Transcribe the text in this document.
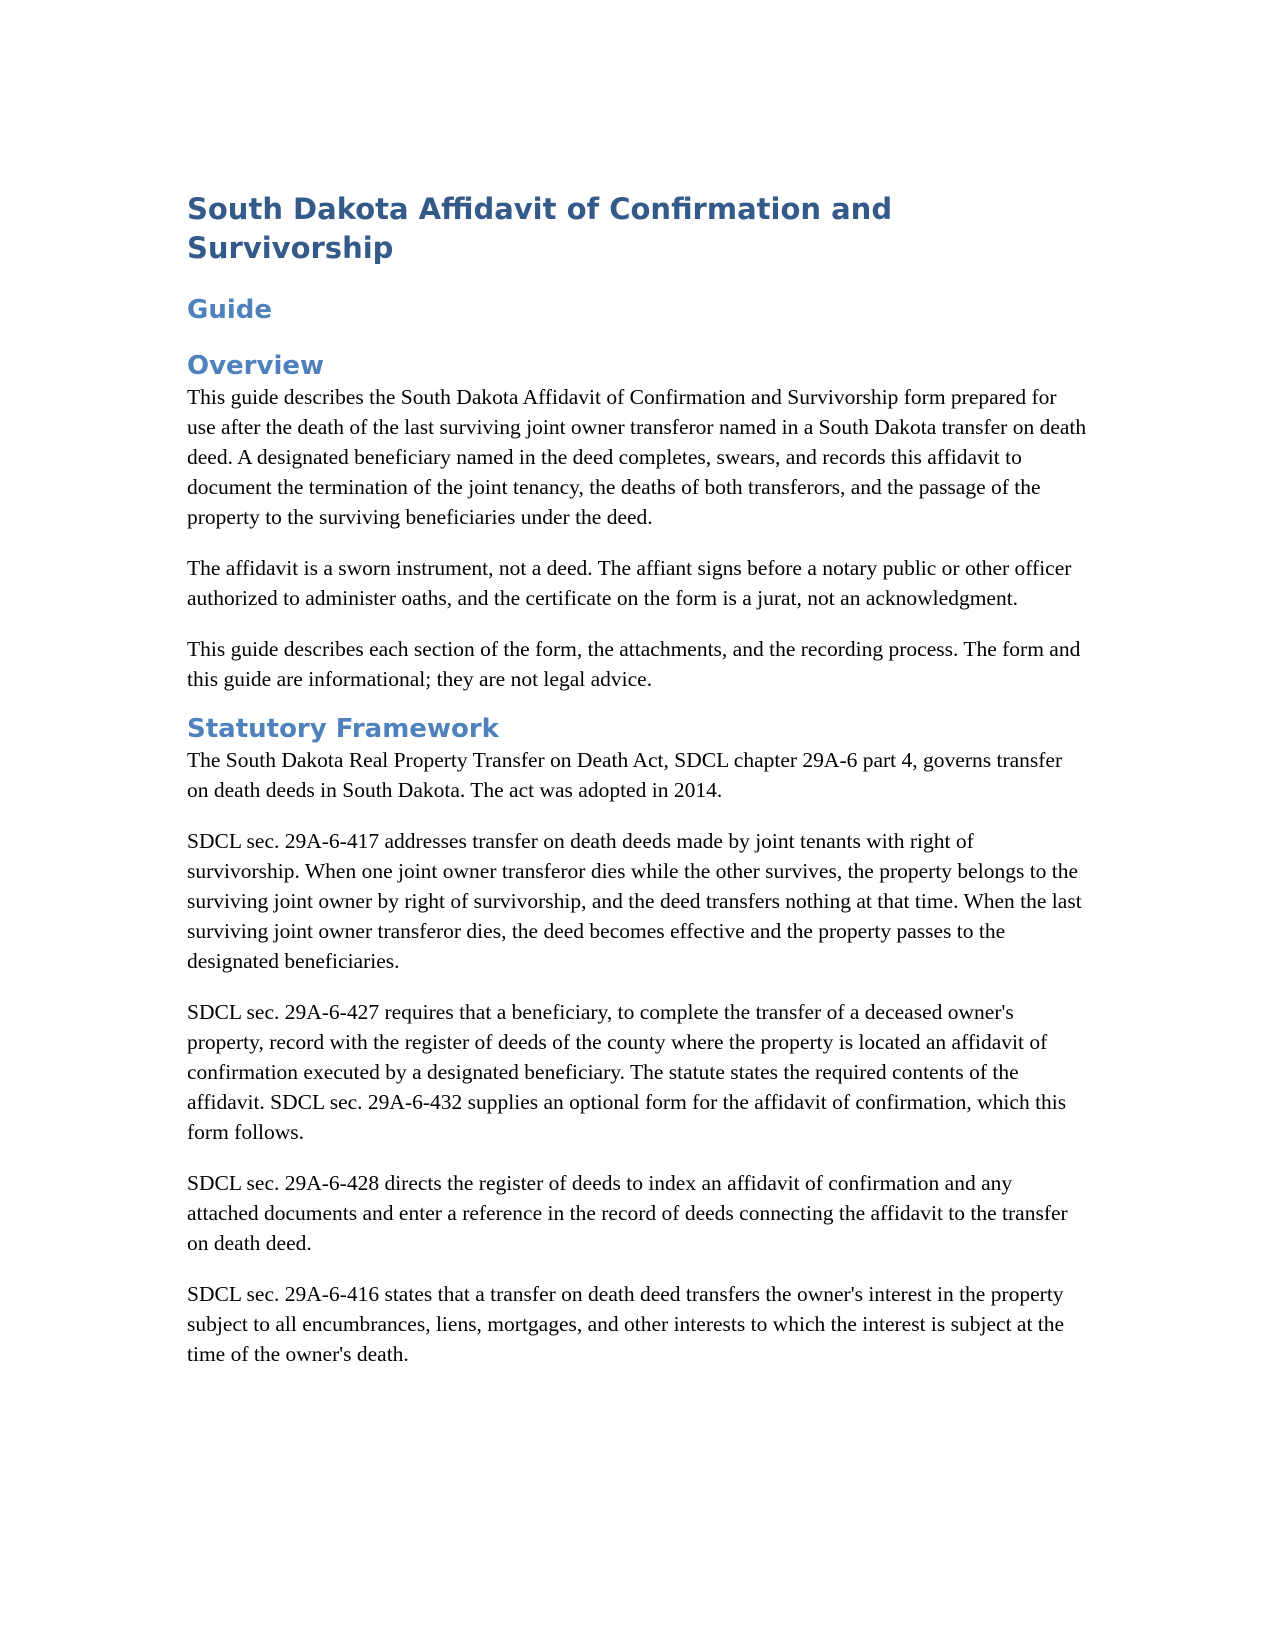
South Dakota Affidavit of Confirmation and Survivorship
Guide
Overview

This guide describes the South Dakota Affidavit of Confirmation and Survivorship form prepared for use after the death of the last surviving joint owner transferor named in a South Dakota transfer on death deed. A designated beneficiary named in the deed completes, swears, and records this affidavit to document the termination of the joint tenancy, the deaths of both transferors, and the passage of the property to the surviving beneficiaries under the deed.

The affidavit is a sworn instrument, not a deed. The affiant signs before a notary public or other officer authorized to administer oaths, and the certificate on the form is a jurat, not an acknowledgment.

This guide describes each section of the form, the attachments, and the recording process. The form and this guide are informational; they are not legal advice.

Statutory Framework

The South Dakota Real Property Transfer on Death Act, SDCL chapter 29A-6 part 4, governs transfer on death deeds in South Dakota. The act was adopted in 2014.

SDCL sec. 29A-6-417 addresses transfer on death deeds made by joint tenants with right of survivorship. When one joint owner transferor dies while the other survives, the property belongs to the surviving joint owner by right of survivorship, and the deed transfers nothing at that time. When the last surviving joint owner transferor dies, the deed becomes effective and the property passes to the designated beneficiaries.

SDCL sec. 29A-6-427 requires that a beneficiary, to complete the transfer of a deceased owner's property, record with the register of deeds of the county where the property is located an affidavit of confirmation executed by a designated beneficiary. The statute states the required contents of the affidavit. SDCL sec. 29A-6-432 supplies an optional form for the affidavit of confirmation, which this form follows.

SDCL sec. 29A-6-428 directs the register of deeds to index an affidavit of confirmation and any attached documents and enter a reference in the record of deeds connecting the affidavit to the transfer on death deed.

SDCL sec. 29A-6-416 states that a transfer on death deed transfers the owner's interest in the property subject to all encumbrances, liens, mortgages, and other interests to which the interest is subject at the time of the owner's death.
